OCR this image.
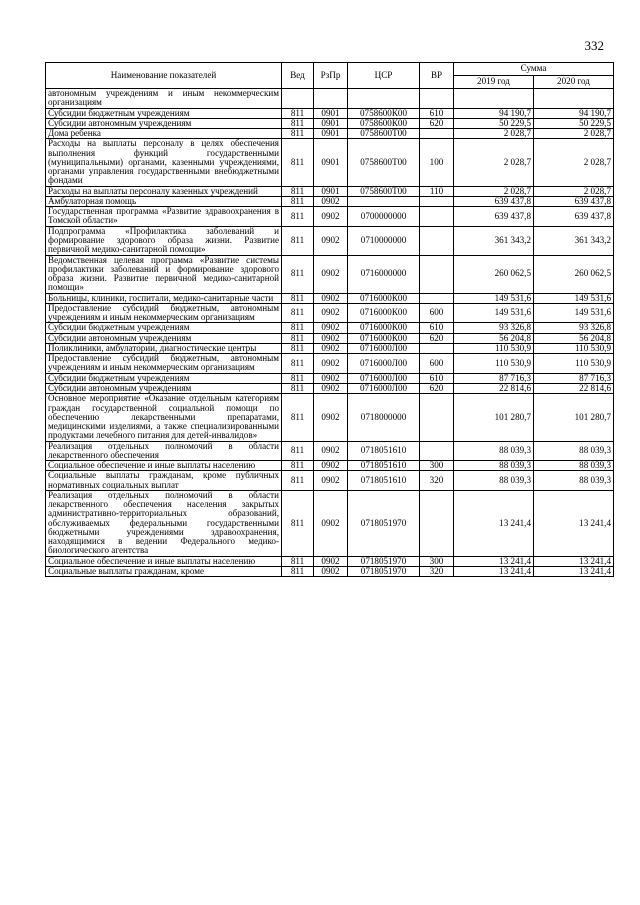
332
Наименование показателей	Вед	РзПр	ЦСР	ВР	Сумма	
					2019 год	2020 год
автономным учреждениям и иным некоммерческим организациям						
Субсидии бюджетным учреждениям	811	0901	0758600К00	610	94 190,7	94 190,7
Субсидии автономным учреждениям	811	0901	0758600К00	620	50 229,5	50 229,5
Дома ребенка	811	0901	0758600Т00		2 028,7	2 028,7
Расходы на выплаты персоналу в целях обеспечения выполнения функций государственными (муниципальными) органами, казенными учреждениями, органами управления государственными внебюджетными фондами	811	0901	0758600Т00	100	2 028,7	2 028,7
Расходы на выплаты персоналу казенных учреждений	811	0901	0758600Т00	110	2 028,7	2 028,7
Амбулаторная помощь	811	0902			639 437,8	639 437,8
Государственная программа «Развитие здравоохранения в Томской области»	811	0902	0700000000		639 437,8	639 437,8
Подпрограмма «Профилактика заболеваний и формирование здорового образа жизни. Развитие первичной медико-санитарной помощи»	811	0902	0710000000		361 343,2	361 343,2
Ведомственная целевая программа «Развитие системы профилактики заболеваний и формирование здорового образа жизни. Развитие первичной медико-санитарной помощи»	811	0902	0716000000		260 062,5	260 062,5
Больницы, клиники, госпитали, медико-санитарные части	811	0902	0716000К00		149 531,6	149 531,6
Предоставление субсидий бюджетным, автономным учреждениям и иным некоммерческим организациям	811	0902	0716000К00	600	149 531,6	149 531,6
Субсидии бюджетным учреждениям	811	0902	0716000К00	610	93 326,8	93 326,8
Субсидии автономным учреждениям	811	0902	0716000К00	620	56 204,8	56 204,8
Поликлиники, амбулатории, диагностические центры	811	0902	0716000Л00		110 530,9	110 530,9
Предоставление субсидий бюджетным, автономным учреждениям и иным некоммерческим организациям	811	0902	0716000Л00	600	110 530,9	110 530,9
Субсидии бюджетным учреждениям	811	0902	0716000Л00	610	87 716,3	87 716,3
Субсидии автономным учреждениям	811	0902	0716000Л00	620	22 814,6	22 814,6
Основное мероприятие «Оказание отдельным категориям граждан государственной социальной помощи по обеспечению лекарственными препаратами, медицинскими изделиями, а также специализированными продуктами лечебного питания для детей-инвалидов»	811	0902	0718000000		101 280,7	101 280,7
Реализация отдельных полномочий в области лекарственного обеспечения	811	0902	0718051610		88 039,3	88 039,3
Социальное обеспечение и иные выплаты населению	811	0902	0718051610	300	88 039,3	88 039,3
Социальные выплаты гражданам, кроме публичных нормативных социальных выплат	811	0902	0718051610	320	88 039,3	88 039,3
Реализация отдельных полномочий в области лекарственного обеспечения населения закрытых административно-территориальных образований, обслуживаемых федеральными государственными бюджетными учреждениями здравоохранения, находящимися в ведении Федерального медико-биологического агентства	811	0902	0718051970		13 241,4	13 241,4
Социальное обеспечение и иные выплаты населению	811	0902	0718051970	300	13 241,4	13 241,4
Социальные выплаты гражданам, кроме	811	0902	0718051970	320	13 241,4	13 241,4
